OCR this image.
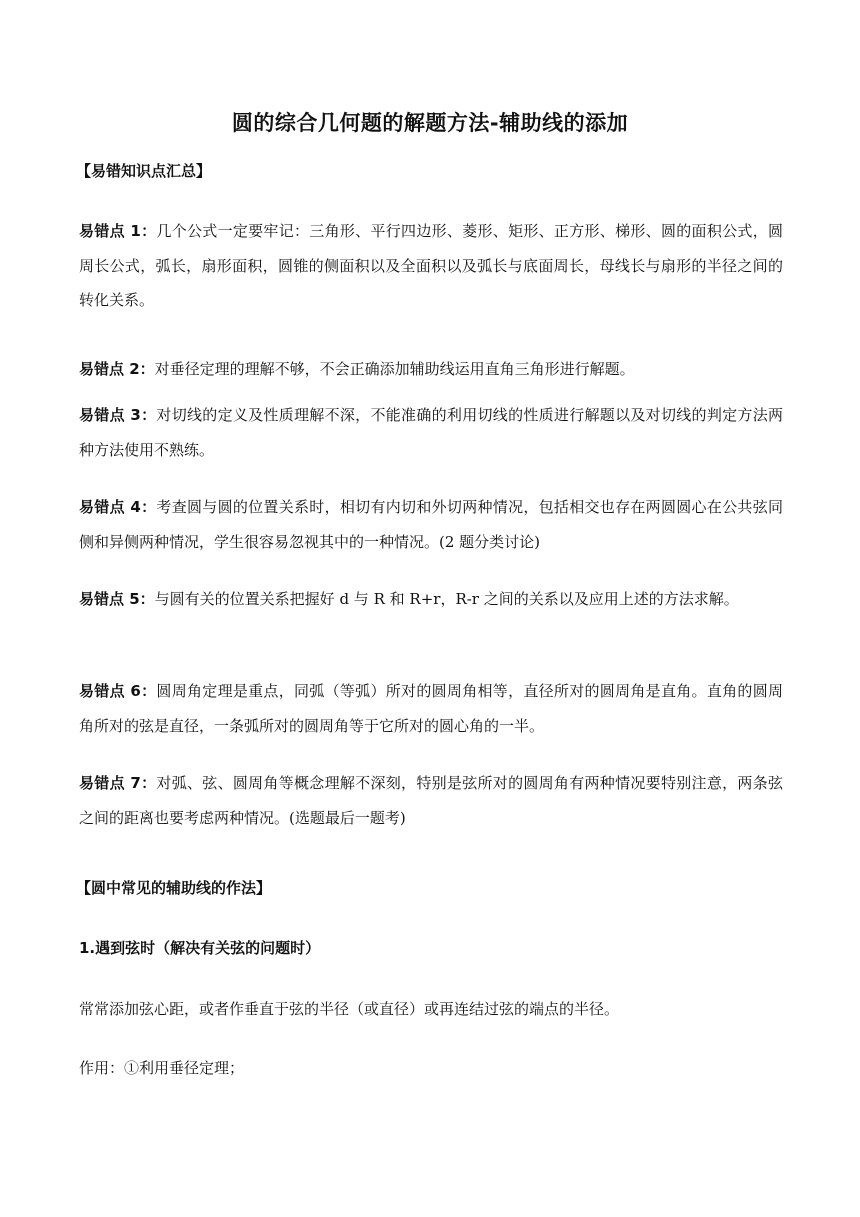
圆的综合几何题的解题方法-辅助线的添加
【易错知识点汇总】
易错点 1：几个公式一定要牢记：三角形、平行四边形、菱形、矩形、正方形、梯形、圆的面积公式，圆周长公式，弧长，扇形面积，圆锥的侧面积以及全面积以及弧长与底面周长，母线长与扇形的半径之间的转化关系。
易错点 2：对垂径定理的理解不够，不会正确添加辅助线运用直角三角形进行解题。
易错点 3：对切线的定义及性质理解不深，不能准确的利用切线的性质进行解题以及对切线的判定方法两种方法使用不熟练。
易错点 4：考查圆与圆的位置关系时，相切有内切和外切两种情况，包括相交也存在两圆圆心在公共弦同侧和异侧两种情况，学生很容易忽视其中的一种情况。(2 题分类讨论)
易错点 5：与圆有关的位置关系把握好 d 与 R 和 R+r，R-r 之间的关系以及应用上述的方法求解。
易错点 6：圆周角定理是重点，同弧（等弧）所对的圆周角相等，直径所对的圆周角是直角。直角的圆周角所对的弦是直径，一条弧所对的圆周角等于它所对的圆心角的一半。
易错点 7：对弧、弦、圆周角等概念理解不深刻，特别是弦所对的圆周角有两种情况要特别注意，两条弦之间的距离也要考虑两种情况。(选题最后一题考)
【圆中常见的辅助线的作法】
1.遇到弦时（解决有关弦的问题时）
常常添加弦心距，或者作垂直于弦的半径（或直径）或再连结过弦的端点的半径。
作用：①利用垂径定理；
